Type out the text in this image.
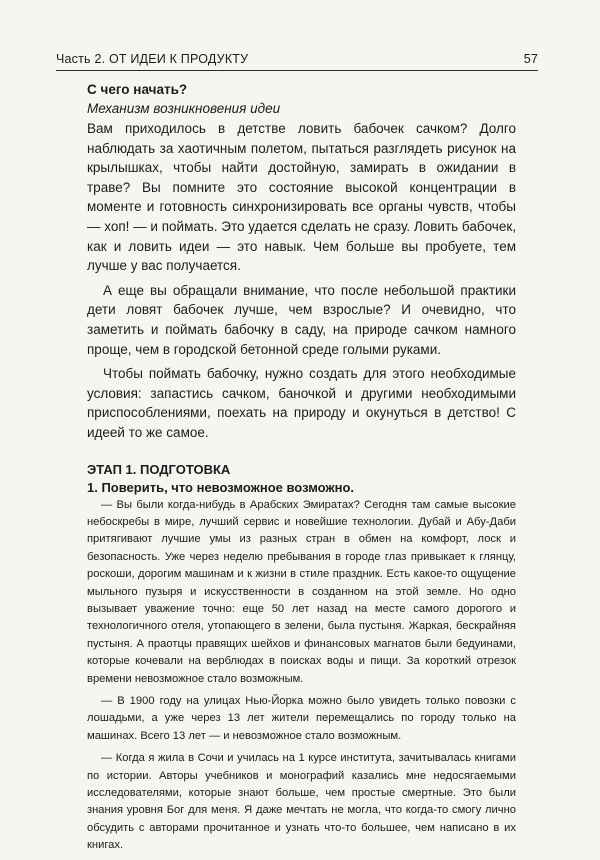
Часть 2. ОТ ИДЕИ К ПРОДУКТУ	57
С чего начать?

Механизм возникновения идеи

Вам приходилось в детстве ловить бабочек сачком? Долго наблюдать за хаотичным полетом, пытаться разглядеть рисунок на крылышках, чтобы найти достойную, замирать в ожидании в траве? Вы помните это состояние высокой концентрации в моменте и готовность синхронизировать все органы чувств, чтобы — хоп! — и поймать. Это удается сделать не сразу. Ловить бабочек, как и ловить идеи — это навык. Чем больше вы пробуете, тем лучше у вас получается.

А еще вы обращали внимание, что после небольшой практики дети ловят бабочек лучше, чем взрослые? И очевидно, что заметить и поймать бабочку в саду, на природе сачком намного проще, чем в городской бетонной среде голыми руками.

Чтобы поймать бабочку, нужно создать для этого необходимые условия: запастись сачком, баночкой и другими необходимыми приспособлениями, поехать на природу и окунуться в детство! С идеей то же самое.

ЭТАП 1. ПОДГОТОВКА
1. Поверить, что невозможное возможно.

— Вы были когда-нибудь в Арабских Эмиратах? Сегодня там самые высокие небоскребы в мире, лучший сервис и новейшие технологии. Дубай и Абу-Даби притягивают лучшие умы из разных стран в обмен на комфорт, лоск и безопасность. Уже через неделю пребывания в городе глаз привыкает к глянцу, роскоши, дорогим машинам и к жизни в стиле праздник. Есть какое-то ощущение мыльного пузыря и искусственности в созданном на этой земле. Но одно вызывает уважение точно: еще 50 лет назад на месте самого дорогого и технологичного отеля, утопающего в зелени, была пустыня. Жаркая, бескрайняя пустыня. А праотцы правящих шейхов и финансовых магнатов были бедуинами, которые кочевали на верблюдах в поисках воды и пищи. За короткий отрезок времени невозможное стало возможным.

— В 1900 году на улицах Нью-Йорка можно было увидеть только повозки с лошадьми, а уже через 13 лет жители перемещались по городу только на машинах. Всего 13 лет — и невозможное стало возможным.

— Когда я жила в Сочи и училась на 1 курсе института, зачитывалась книгами по истории. Авторы учебников и монографий казались мне недосягаемыми исследователями, которые знают больше, чем простые смертные. Это были знания уровня Бог для меня. Я даже мечтать не могла, что когда-то смогу лично обсудить с авторами прочитанное и узнать что-то большее, чем написано в их книгах.
